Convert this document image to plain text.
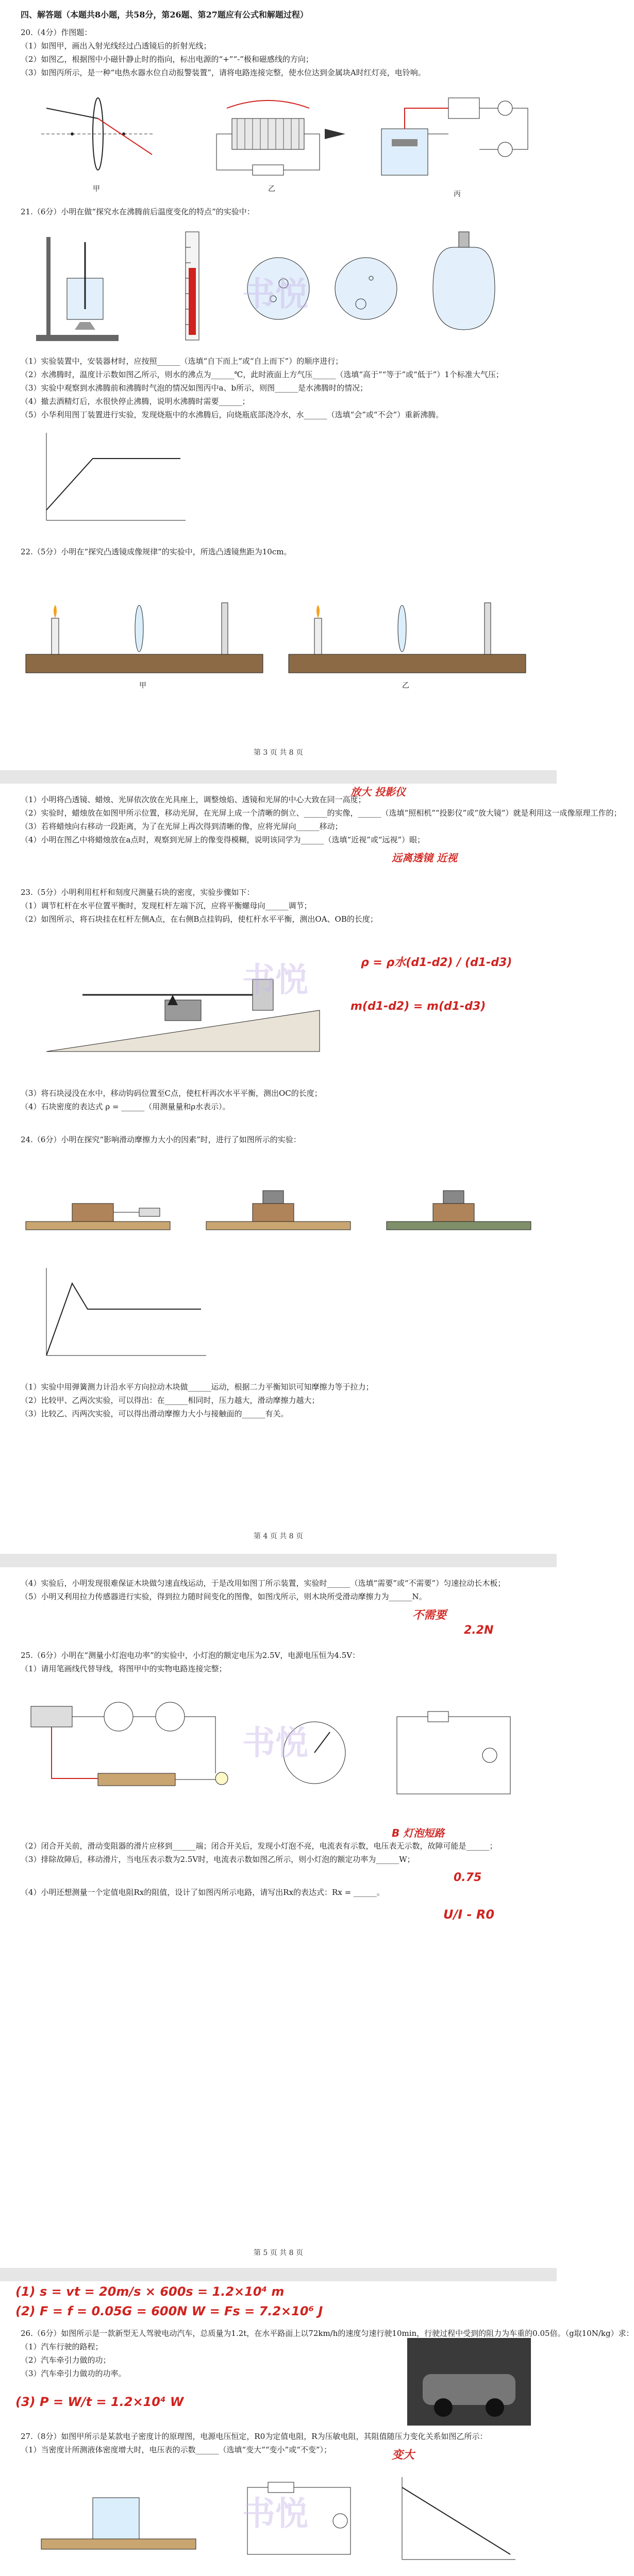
四、解答题（本题共8小题，共58分，第26题、第27题应有公式和解题过程）
20.（4分）作图题：
（1）如图甲，画出入射光线经过凸透镜后的折射光线；
（2）如图乙，根据图中小磁针静止时的指向，标出电源的“+”“-”极和磁感线的方向；
（3）如图丙所示，是一种“电热水器水位自动报警装置”，请将电路连接完整，使水位达到金属块A时红灯亮，电铃响。
甲	乙
丙
21.（6分）小明在做“探究水在沸腾前后温度变化的特点”的实验中：
（1）实验装置中，安装器材时，应按照______（选填“自下而上”或“自上而下”）的顺序进行；
（2）水沸腾时，温度计示数如图乙所示，则水的沸点为______℃，此时液面上方气压______（选填“高于”“等于”或“低于”）1个标准大气压；
（3）实验中观察到水沸腾前和沸腾时气泡的情况如图丙中a、b所示，则图______是水沸腾时的情况；
（4）撤去酒精灯后，水很快停止沸腾，说明水沸腾时需要______；
（5）小华利用图丁装置进行实验，发现烧瓶中的水沸腾后，向烧瓶底部浇冷水，水______（选填“会”或“不会”）重新沸腾。
22.（5分）小明在“探究凸透镜成像规律”的实验中，所选凸透镜焦距为10cm。
甲	乙
书悦
第 3 页 共 8 页
（1）小明将凸透镜、蜡烛、光屏依次放在光具座上，调整烛焰、透镜和光屏的中心大致在同一高度；
（2）实验时，蜡烛放在如图甲所示位置，移动光屏，在光屏上成一个清晰的倒立、______的实像，______（选填“照相机”“投影仪”或“放大镜”）就是利用这一成像原理工作的；
（3）若将蜡烛向右移动一段距离，为了在光屏上再次得到清晰的像，应将光屏向______移动；
（4）小明在图乙中将蜡烛放在a点时，观察到光屏上的像变得模糊，说明该同学为______（选填“近视”或“远视”）眼；
放大 投影仪
远离透镜 近视
23.（5分）小明利用杠杆和刻度尺测量石块的密度，实验步骤如下：
（1）调节杠杆在水平位置平衡时，发现杠杆左端下沉，应将平衡螺母向______调节；
（2）如图所示，将石块挂在杠杆左侧A点，在右侧B点挂钩码，使杠杆水平平衡，测出OA、OB的长度；
ρ = ρ水(d1-d2) / (d1-d3)
m(d1-d2) = m(d1-d3)
（3）将石块浸没在水中，移动钩码位置至C点，使杠杆再次水平平衡，测出OC的长度；
（4）石块密度的表达式 ρ = ______（用测量量和ρ水表示）。
24.（6分）小明在探究“影响滑动摩擦力大小的因素”时，进行了如图所示的实验：
（1）实验中用弹簧测力计沿水平方向拉动木块做______运动，根据二力平衡知识可知摩擦力等于拉力；
（2）比较甲、乙两次实验，可以得出：在______相同时，压力越大，滑动摩擦力越大；
（3）比较乙、丙两次实验，可以得出滑动摩擦力大小与接触面的______有关。
书悦
第 4 页 共 8 页
（4）实验后，小明发现很难保证木块做匀速直线运动，于是改用如图丁所示装置，实验时______（选填“需要”或“不需要”）匀速拉动长木板；
（5）小明又利用拉力传感器进行实验，得到拉力随时间变化的图像，如图戊所示，则木块所受滑动摩擦力为______N。
不需要
2.2N
25.（6分）小明在“测量小灯泡电功率”的实验中，小灯泡的额定电压为2.5V，电源电压恒为4.5V：
（1）请用笔画线代替导线，将图甲中的实物电路连接完整；
B 灯泡短路
（2）闭合开关前，滑动变阻器的滑片应移到______端；闭合开关后，发现小灯泡不亮，电流表有示数，电压表无示数，故障可能是______；
（3）排除故障后，移动滑片，当电压表示数为2.5V时，电流表示数如图乙所示，则小灯泡的额定功率为______W；
0.75
（4）小明还想测量一个定值电阻Rx的阻值，设计了如图丙所示电路，请写出Rx的表达式：Rx = ______。
U/I - R0
书悦
第 5 页 共 8 页
(1) s = vt = 20m/s × 600s = 1.2×10⁴ m
(2) F = f = 0.05G = 600N W = Fs = 7.2×10⁶ J
26.（6分）如图所示是一款新型无人驾驶电动汽车，总质量为1.2t，在水平路面上以72km/h的速度匀速行驶10min，行驶过程中受到的阻力为车重的0.05倍。（g取10N/kg）求：
（1）汽车行驶的路程；
（2）汽车牵引力做的功；
（3）汽车牵引力做功的功率。
(3) P = W/t = 1.2×10⁴ W
27.（8分）如图甲所示是某款电子密度计的原理图，电源电压恒定，R0为定值电阻，R为压敏电阻，其阻值随压力变化关系如图乙所示：
（1）当密度计所测液体密度增大时，电压表的示数______（选填“变大”“变小”或“不变”）；	变大

书悦
